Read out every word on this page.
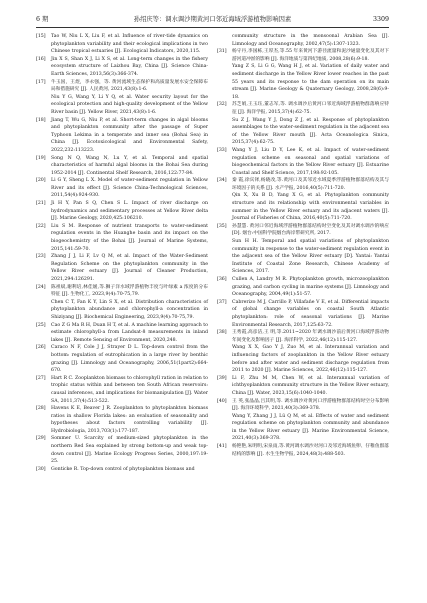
6 期	孙绍庆等：调水调沙期黄河口邻近海域浮游植物影响因素	3309
[15] Tao W, Niu L X, Liu F, et al. Influence of river-tide dynamics on phytoplankton variability and their ecological implications in two Chinese tropical estuaries [J]. Ecological Indicators, 2020,115.
[16] Jin X S, Shan X J, Li X S, et al. Long-term changes in the fishery ecosystem structure of Laizhou Bay, China [J]. Science China-Earth Sciences, 2013,56(3):366-374.
[17] 牛玉国，王煜，李永强，等. 黄河流域生态保护和高质量发展水安全保障布局和措施研究 [J]. 人民黄河, 2021,43(8):1-6.
Niu Y G, Wang Y, Li Y Q, et al. Water security layout for the ecological protection and high-quality development of the Yellow River basin [J]. Yellow River, 2021,43(8):1-6.
[18] Jiang T, Wu G, Niu P, et al. Short-term changes in algal blooms and phytoplankton community after the passage of Super Typhoon Lekima in a temperate and inner sea (Bohai Sea) in China [J]. Ecotoxicological and Environmental Safety, 2022,232:113223.
[19] Song N Q, Wang N, Lu Y, et al. Temporal and spatial characteristics of harmful algal blooms in the Bohai Sea during 1952-2014 [J]. Continental Shelf Research, 2016,122:77-84.
[20] Li G Y, Sheng L X. Model of water-sediment regulation in Yellow River and its effect [J]. Science China-Technological Sciences, 2011,54(4):924-930.
[21] Ji H Y, Pan S Q, Chen S L. Impact of river discharge on hydrodynamics and sedimentary processes at Yellow River delta [J]. Marine Geology, 2020,425:106210.
[22] Liu S M. Response of nutrient transports to water-sediment regulation events in the Huanghe basin and its impact on the biogeochemistry of the Bohai [J]. Journal of Marine Systems, 2015,141:59-70.
[23] Zhang J J, Li F, Lv Q M, et al. Impact of the Water-Sediment Regulation Scheme on the phytoplankton community in the Yellow River estuary [J]. Journal of Cleaner Production, 2021,294:126291.
[24] 陈祖斌,谢利培,林佳媛,等.狮子洋水域浮游植物丰度与叶绿素 a 浓度的分布特征 [J]. 生物化工, 2023,9(4):70-75,79.
Chen C T, Fan K Y, Lin S X, et al. Distribution characteristics of phytoplankton abundance and chlorophyll-a concentration in Shiziyang [J]. Biochemical Engineering, 2023,9(4):70-75,79.
[25] Cao Z G Ma R H, Duan H T, et al. A machine learning approach to estimate chlorophyll-a from Landsat-8 measurements in inland lakes [J]. Remote Sensing of Environment, 2020,248.
[26] Caraco N F, Cole J J, Strayer D L. Top-down control from the bottom: regulation of eutrophication in a large river by benthic grazing [J]. Limnology and Oceanography, 2006,51(1part2):664-670.
[27] Hart R C. Zooplankton biomass to chlorophyll ration in relation to trophic status within and between ten South African reservoirs: causal inferences, and implications for biomanipulation [J]. Water SA, 2011,37(4):513-522.
[28] Havens K E, Beaver J R. Zooplankton to phytoplankton biomass ratios in shallow Florida lakes: an evaluation of seasonality and hypotheses about factors controlling variability [J]. Hydrobiologia, 2013,703(1):177-187.
[29] Sommer U. Scarcity of medium-sized phytoplankton in the northern Red Sea explained by strong bottom-up and weak top-down control [J]. Marine Ecology Progress Series, 2000,197:19-25.
[30] Gonticke R. Top-down control of phytoplankton biomass and
community structure in the monsoonal Arabian Sea [J]. Limnology and Oceanography, 2002,47(5):1307-1323.
[31] 杨守丹,李国栋,王厚杰,等.55 年来黄河下游径流量和泥沙通量变化及其对下游河道冲淤的影响 [J]. 海洋地质与第四纪地质, 2008,28(6):9-18.
Yang Z S, Li G G, Wang H J, et al. Variation of daily water and sediment discharge in the Yellow River lower reaches in the past 55 years and its response to the dam operation on its main stream [J]. Marine Geology & Quaternary Geology, 2008,28(6):9-18.
[32] 苏芝娟,王玉珏,董志军,等. 调水调沙后黄河口邻近海域浮游植物群落响应特征 [J]. 海洋学报, 2015,37(4):62-75.
Su Z J, Wang Y J, Dong Z J, et al. Response of phytoplankton assemblages to the water-sediment regulation in the adjacent sea of the Yellow River mouth [J]. Acta Oceanologica Sinica, 2015,37(4):62-75.
[33] Wang Y J, Liu D Y, Lee K, et al. Impact of water-sediment regulation scheme on seasonal and spatial variations of biogeochemical factors in the Yellow River estuary [J]. Estuarine Coastal and Shelf Science, 2017,198:92-105.
[34] 秦 霞,徐宾铎,杨晓改,等.黄河口及其邻近水域夏季浮游植物群落结构及其与环境因子的关系 [J]. 水产学报, 2016,40(5):711-720.
Qin X, Xu B D, Yang X G, et al. Phytoplankton community structure and its relationship with environmental variables in summer in the Yellow River estuary and its adjacent waters [J]. Journal of Fisheries of China, 2016,40(5):711-720.
[35] 孙慧慧. 黄河口邻近海域浮游植物群落结构时空变化及其对调水调沙的响应 [D]. 烟台:中国科学院烟台海岸带研究所, 2017.
Sun H H. Temporal and spatial variations of phytoplankton community in response to the water-sediment regulation event in the adjacent sea of the Yellow River estuary [D]. Yantai: Yantai Institute of Coastal Zone Research, Chinese Academy of Sciences, 2017.
[36] Cullen A, Landry M R. Phytoplankton growth, microzooplankton grazing, and carbon cycling in marine systems [J]. Limnology and Oceanography, 2004,49(1):51-57.
[37] Cabrerizo M J, Carrillo P, Villafañe V E, et al. Differential impacts of global change variables on coastal South Atlantic phytoplankton: role of seasonal variations [J]. Marine Environmental Research, 2017,125:63-72.
[38] 王秀霞,高彦洁,王 明,等.2011~2020 年调水调沙前后黄河口海域浮游动物年间变化及影响因子 [J]. 海洋科学, 2022,46(12):115-127.
Wang X X, Gao Y J, Zuo M, et al. Interannual variation and influencing factors of zooplankton in the Yellow River estuary before and after water and sediment discharge regulation from 2011 to 2020 [J]. Marine Sciences, 2022,46(12):115-127.
[39] Li F, Zhu M M, Chen W, et al. Interannual variation of ichthyoplankton community structure in the Yellow River estuary, China [J]. Water, 2023,15(6):1040-1040.
[40] 王 英,张晶晶,吕其明,等. 调水调沙对黄河口浮游植物群落结构时空分布影响 [J]. 海洋环境科学, 2021,40(3):369-378.
Wang Y, Zhang J J, Lü Q M, et al. Effects of water and sediment regulation scheme on phytoplankton community and abundance in the Yellow River estuary [J]. Marine Environmental Science, 2021,40(3):369-378.
[41] 杨艳艳,朱明明,宋泉雨,等.黄河调水调沙对河口及邻近海域鱼卵、仔稚鱼群落结构的影响 [J]. 水生生物学报, 2024,48(3):488-503.
